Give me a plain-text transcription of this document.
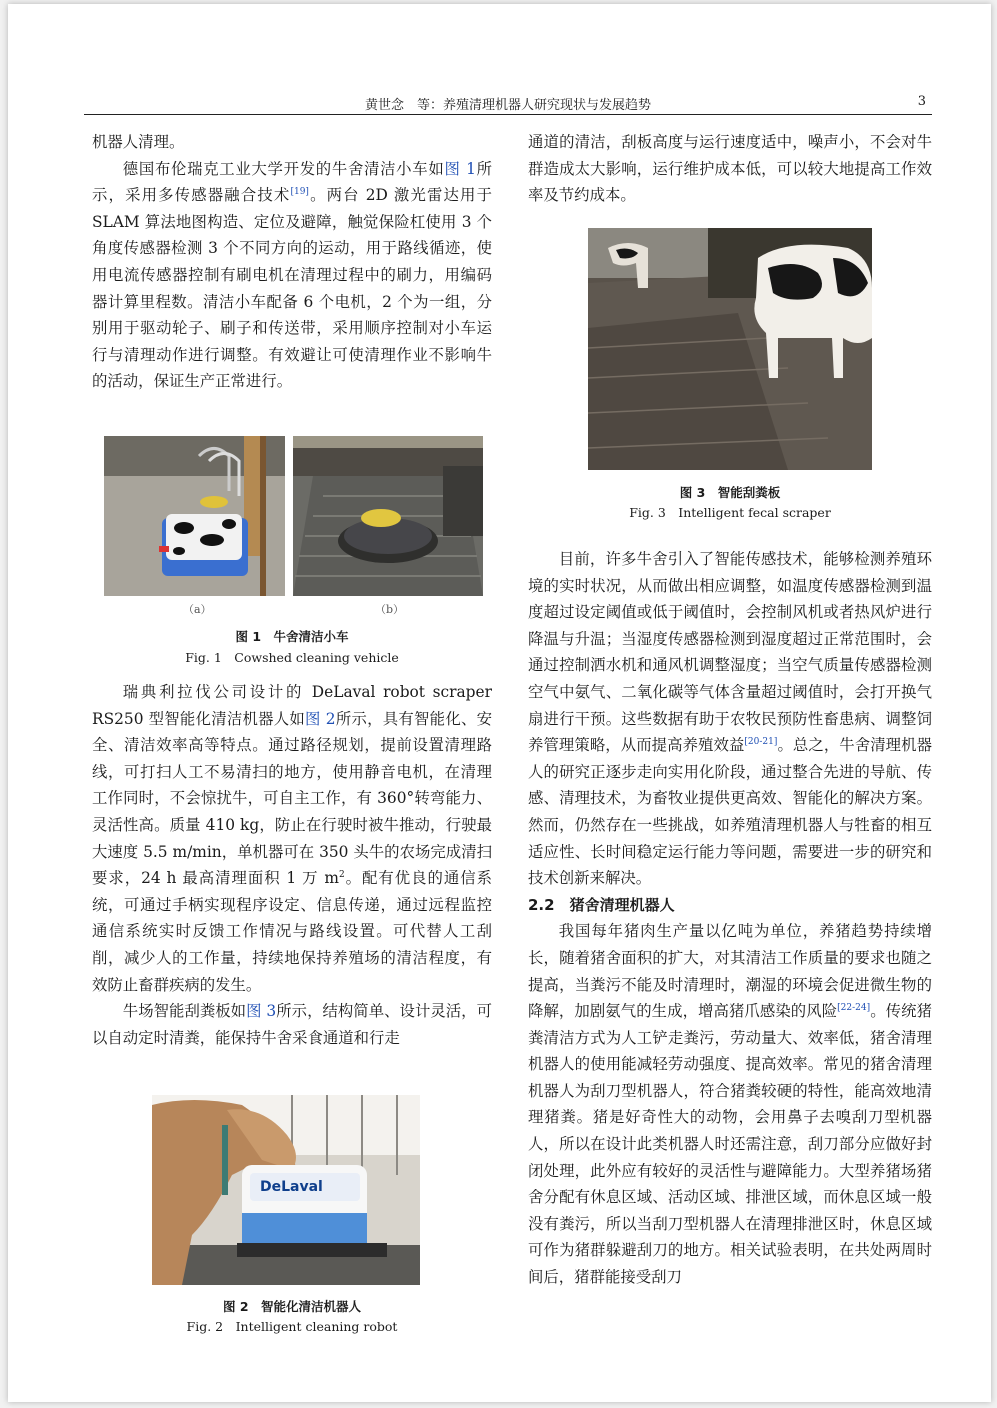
黄世念　等：养殖清理机器人研究现状与发展趋势	3

机器人清理。

德国布伦瑞克工业大学开发的牛舍清洁小车如图 1所示，采用多传感器融合技术[19]。两台 2D 激光雷达用于 SLAM 算法地图构造、定位及避障，触觉保险杠使用 3 个角度传感器检测 3 个不同方向的运动，用于路线循迹，使用电流传感器控制有刷电机在清理过程中的刷力，用编码器计算里程数。清洁小车配备 6 个电机，2 个为一组，分别用于驱动轮子、刷子和传送带，采用顺序控制对小车运行与清理动作进行调整。有效避让可使清理作业不影响牛的活动，保证生产正常进行。

（a）	（b）
图 1　牛舍清洁小车
Fig. 1　Cowshed cleaning vehicle

瑞典利拉伐公司设计的 DeLaval robot scraper RS250 型智能化清洁机器人如图 2所示，具有智能化、安全、清洁效率高等特点。通过路径规划，提前设置清理路线，可打扫人工不易清扫的地方，使用静音电机，在清理工作同时，不会惊扰牛，可自主工作，有 360°转弯能力、灵活性高。质量 410 kg，防止在行驶时被牛推动，行驶最大速度 5.5 m/min，单机器可在 350 头牛的农场完成清扫要求，24 h 最高清理面积 1 万 $m^2$。配有优良的通信系统，可通过手柄实现程序设定、信息传递，通过远程监控通信系统实时反馈工作情况与路线设置。可代替人工刮削，减少人的工作量，持续地保持养殖场的清洁程度，有效防止畜群疾病的发生。

牛场智能刮粪板如图 3所示，结构简单、设计灵活，可以自动定时清粪，能保持牛舍采食通道和行走

DeLaval
图 2　智能化清洁机器人
Fig. 2　Intelligent cleaning robot

通道的清洁，刮板高度与运行速度适中，噪声小，不会对牛群造成太大影响，运行维护成本低，可以较大地提高工作效率及节约成本。

图 3　智能刮粪板
Fig. 3　Intelligent fecal scraper

目前，许多牛舍引入了智能传感技术，能够检测养殖环境的实时状况，从而做出相应调整，如温度传感器检测到温度超过设定阈值或低于阈值时，会控制风机或者热风炉进行降温与升温；当湿度传感器检测到湿度超过正常范围时，会通过控制洒水机和通风机调整湿度；当空气质量传感器检测空气中氨气、二氧化碳等气体含量超过阈值时，会打开换气扇进行干预。这些数据有助于农牧民预防性畜患病、调整饲养管理策略，从而提高养殖效益[20-21]。总之，牛舍清理机器人的研究正逐步走向实用化阶段，通过整合先进的导航、传感、清理技术，为畜牧业提供更高效、智能化的解决方案。然而，仍然存在一些挑战，如养殖清理机器人与牲畜的相互适应性、长时间稳定运行能力等问题，需要进一步的研究和技术创新来解决。

2.2　猪舍清理机器人

我国每年猪肉生产量以亿吨为单位，养猪趋势持续增长，随着猪舍面积的扩大，对其清洁工作质量的要求也随之提高，当粪污不能及时清理时，潮湿的环境会促进微生物的降解，加剧氨气的生成，增高猪爪感染的风险[22-24]。传统猪粪清洁方式为人工铲走粪污，劳动量大、效率低，猪舍清理机器人的使用能减轻劳动强度、提高效率。常见的猪舍清理机器人为刮刀型机器人，符合猪粪较硬的特性，能高效地清理猪粪。猪是好奇性大的动物，会用鼻子去嗅刮刀型机器人，所以在设计此类机器人时还需注意，刮刀部分应做好封闭处理，此外应有较好的灵活性与避障能力。大型养猪场猪舍分配有休息区域、活动区域、排泄区域，而休息区域一般没有粪污，所以当刮刀型机器人在清理排泄区时，休息区域可作为猪群躲避刮刀的地方。相关试验表明，在共处两周时间后，猪群能接受刮刀
